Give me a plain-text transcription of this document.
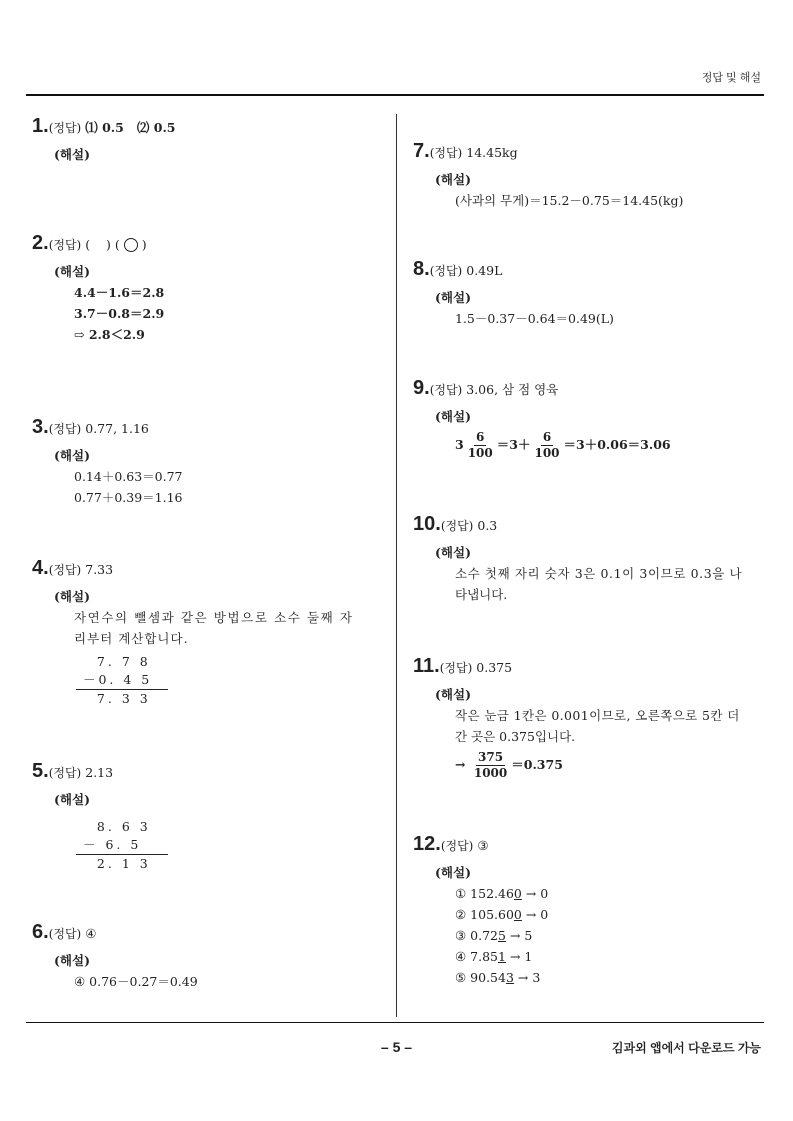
정답 및 해설
1.(정답) ⑴ 0.5   ⑵ 0.5
(해설)
2.(정답) (    ) ( ○ )
(해설)
4.4－1.6＝2.8
3.7－0.8＝2.9
⇨ 2.8＜2.9
3.(정답) 0.77, 1.16
(해설)
0.14＋0.63＝0.77
0.77＋0.39＝1.16
4.(정답) 7.33
(해설)
자연수의 뺄셈과 같은 방법으로 소수 둘째 자
리부터 계산합니다.
7. 7 8
－0. 4 5
7. 3 3
5.(정답) 2.13
(해설)
8. 6 3
－ 6. 5
2. 1 3
6.(정답) ④
(해설)
④ 0.76－0.27＝0.49
7.(정답) 14.45kg
(해설)
(사과의 무게)＝15.2－0.75＝14.45(kg)
8.(정답) 0.49L
(해설)
1.5－0.37－0.64＝0.49(L)
9.(정답) 3.06, 삼 점 영육
(해설)
$3 \frac{6}{100} =3+ \frac{6}{100} =3+0.06=3.06$
10.(정답) 0.3
(해설)
소수 첫째 자리 숫자 3은 0.1이 3이므로 0.3을 나
타냅니다.
11.(정답) 0.375
(해설)
작은 눈금 1칸은 0.001이므로, 오른쪽으로 5칸 더
간 곳은 0.375입니다.
→ $\frac{375}{1000} =0.375$
12.(정답) ③
(해설)
① 152.460 → 0
② 105.600 → 0
③ 0.725 → 5
④ 7.851 → 1
⑤ 90.543 → 3
– 5 –	김과외 앱에서 다운로드 가능
